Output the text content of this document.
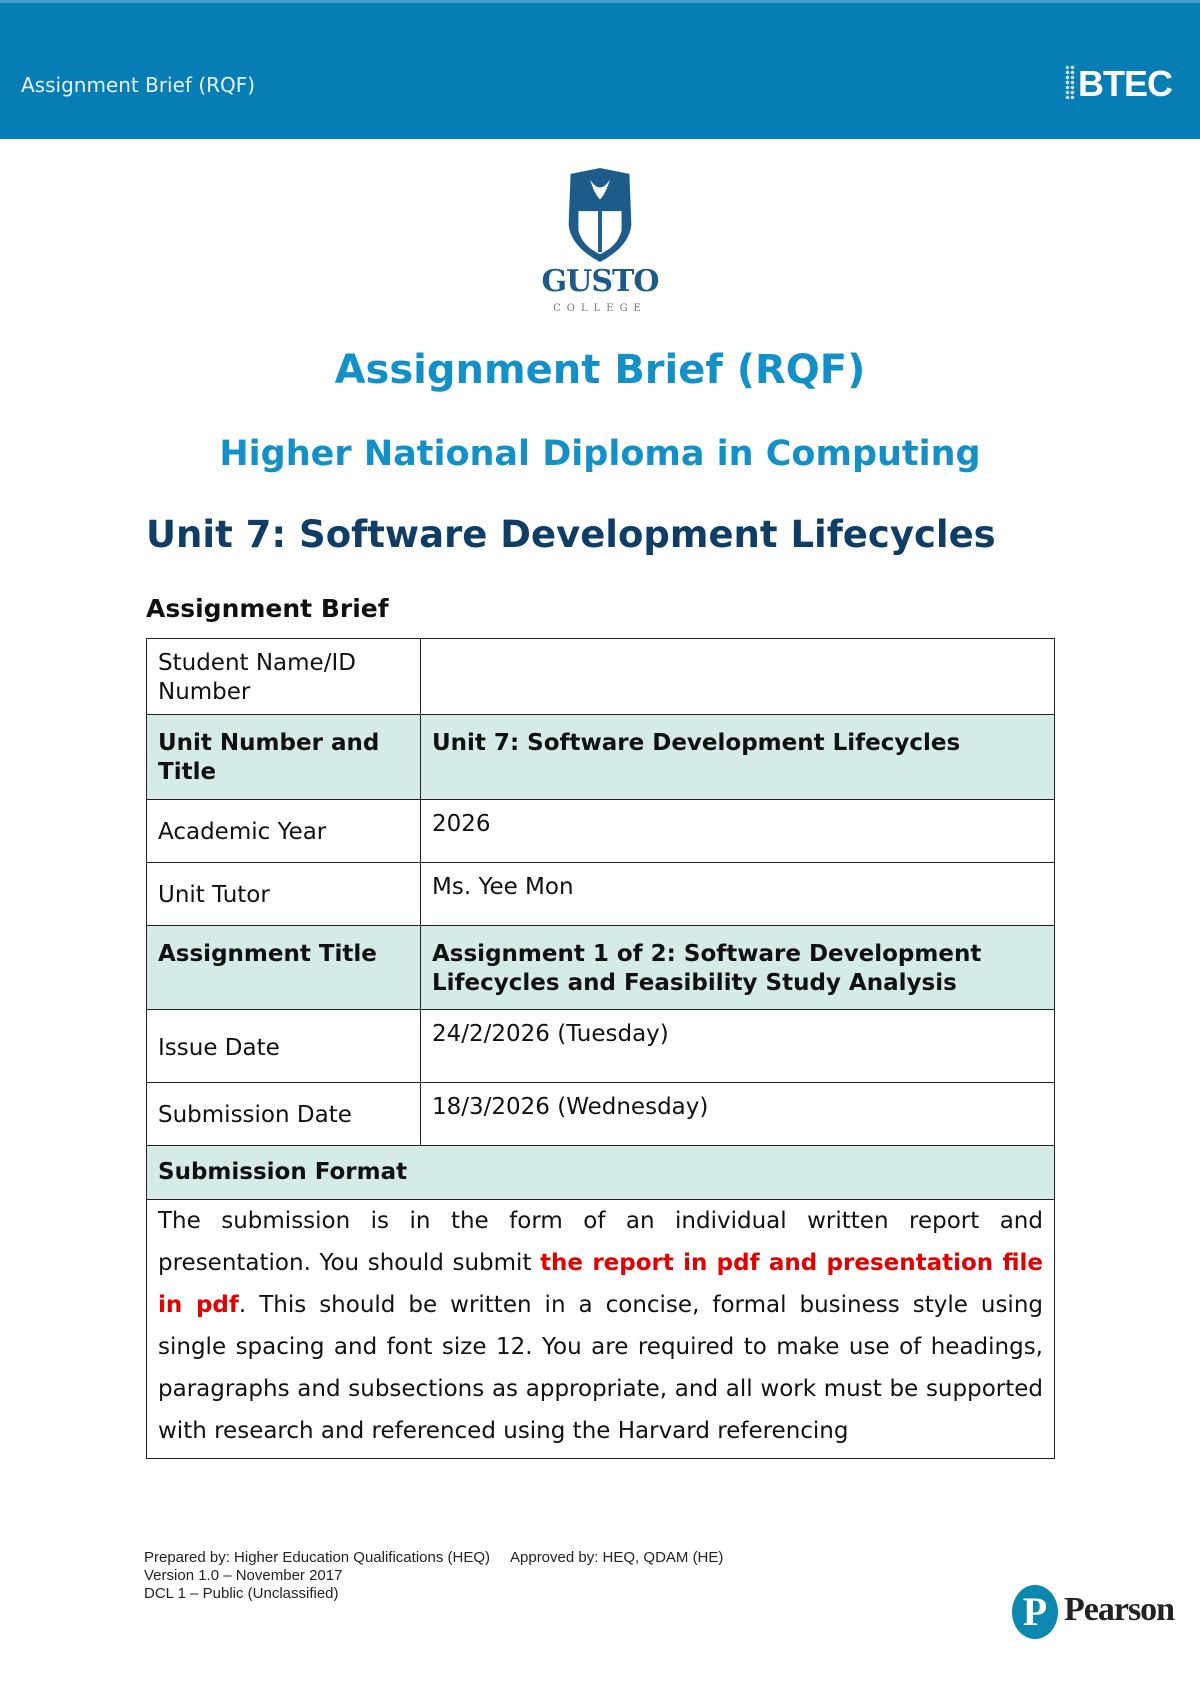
Assignment Brief (RQF)	BTEC
GUSTO
COLLEGE
Assignment Brief (RQF)
Higher National Diploma in Computing
Unit 7: Software Development Lifecycles
Assignment Brief
Student Name/ID Number	
Unit Number and Title	Unit 7: Software Development Lifecycles
Academic Year	2026
Unit Tutor	Ms. Yee Mon
Assignment Title	Assignment 1 of 2: Software Development Lifecycles and Feasibility Study Analysis
Issue Date	24/2/2026 (Tuesday)
Submission Date	18/3/2026 (Wednesday)
Submission Format	
The submission is in the form of an individual written report and presentation. You should submit the report in pdf and presentation file in pdf. This should be written in a concise, formal business style using single spacing and font size 12. You are required to make use of headings, paragraphs and subsections as appropriate, and all work must be supported with research and referenced using the Harvard referencing	
Prepared by: Higher Education Qualifications (HEQ) Approved by: HEQ, QDAM (HE)
Version 1.0 – November 2017
DCL 1 – Public (Unclassified)	P Pearson
